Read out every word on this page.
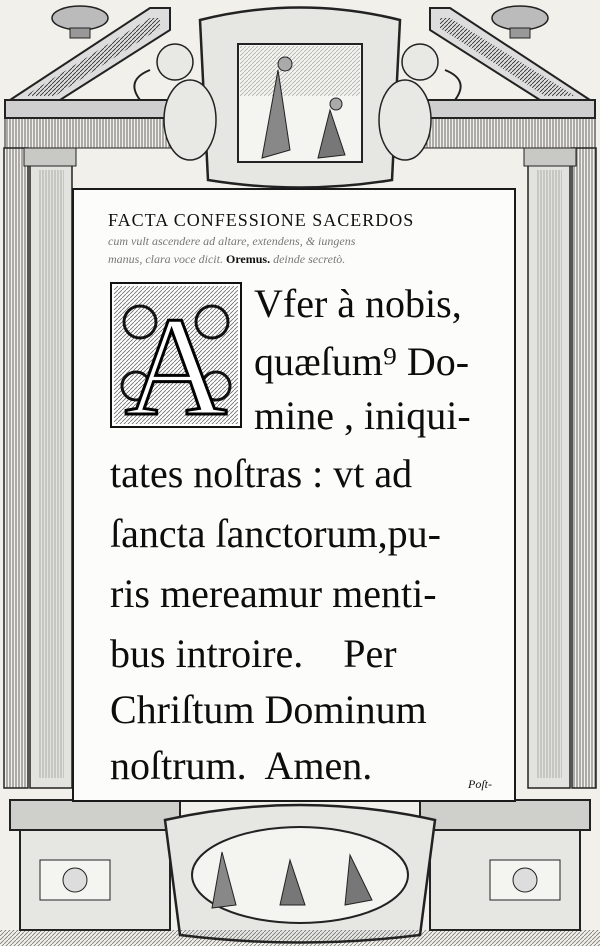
FACTA CONFESSIONE SACERDOS
cum vult ascendere ad altare, extendens, & iungens
manus, clara voce dicit. Oremus. deinde secretò.
A Vfer à nobis,
quæſum⁹ Do-
mine , iniqui-
tates noſtras : vt ad
ſancta ſanctorum,pu-
ris mereamur menti-
bus introire.    Per
Chriſtum Dominum
noſtrum.  Amen.	Poſt-
